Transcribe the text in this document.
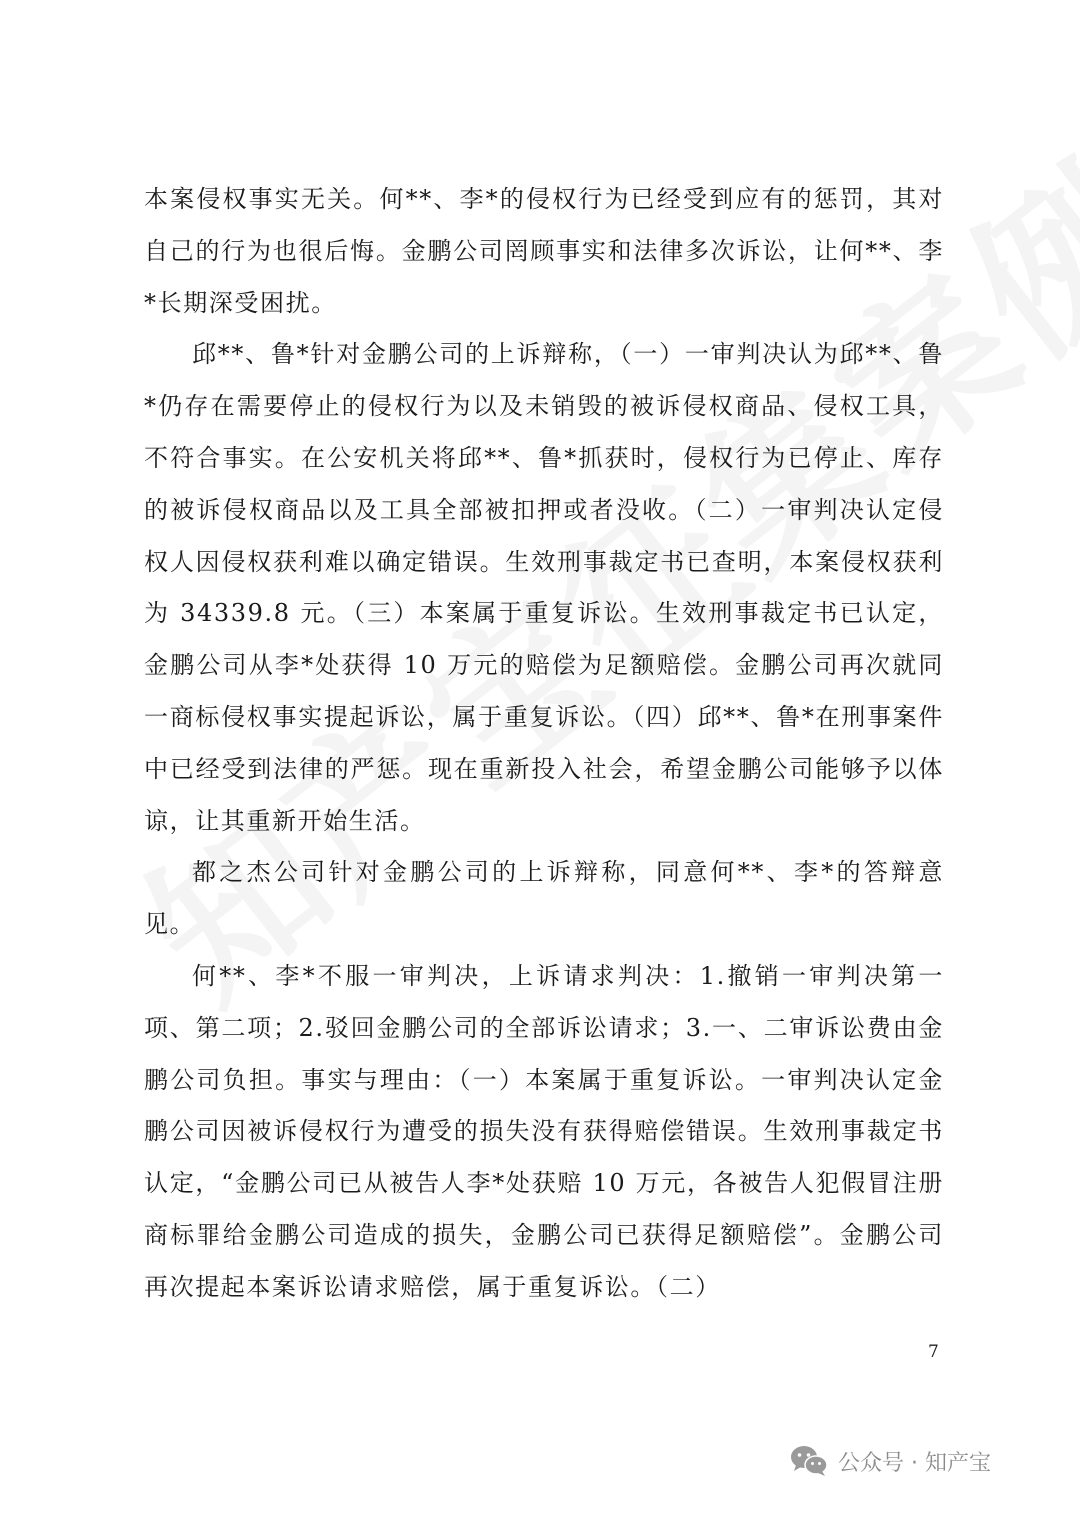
本案侵权事实无关。何**、李*的侵权行为已经受到应有的惩罚，其对自己的行为也很后悔。金鹏公司罔顾事实和法律多次诉讼，让何**、李*长期深受困扰。

邱**、鲁*针对金鹏公司的上诉辩称，（一）一审判决认为邱**、鲁*仍存在需要停止的侵权行为以及未销毁的被诉侵权商品、侵权工具，不符合事实。在公安机关将邱**、鲁*抓获时，侵权行为已停止、库存的被诉侵权商品以及工具全部被扣押或者没收。（二）一审判决认定侵权人因侵权获利难以确定错误。生效刑事裁定书已查明，本案侵权获利为 34339.8 元。（三）本案属于重复诉讼。生效刑事裁定书已认定，金鹏公司从李*处获得 10 万元的赔偿为足额赔偿。金鹏公司再次就同一商标侵权事实提起诉讼，属于重复诉讼。（四）邱**、鲁*在刑事案件中已经受到法律的严惩。现在重新投入社会，希望金鹏公司能够予以体谅，让其重新开始生活。

都之杰公司针对金鹏公司的上诉辩称，同意何**、李*的答辩意见。

何**、李*不服一审判决，上诉请求判决：1.撤销一审判决第一项、第二项；2.驳回金鹏公司的全部诉讼请求；3.一、二审诉讼费由金鹏公司负担。事实与理由：（一）本案属于重复诉讼。一审判决认定金鹏公司因被诉侵权行为遭受的损失没有获得赔偿错误。生效刑事裁定书认定，“金鹏公司已从被告人李*处获赔 10 万元，各被告人犯假冒注册商标罪给金鹏公司造成的损失，金鹏公司已获得足额赔偿”。金鹏公司再次提起本案诉讼请求赔偿，属于重复诉讼。（二）

7
公众号 · 知产宝
